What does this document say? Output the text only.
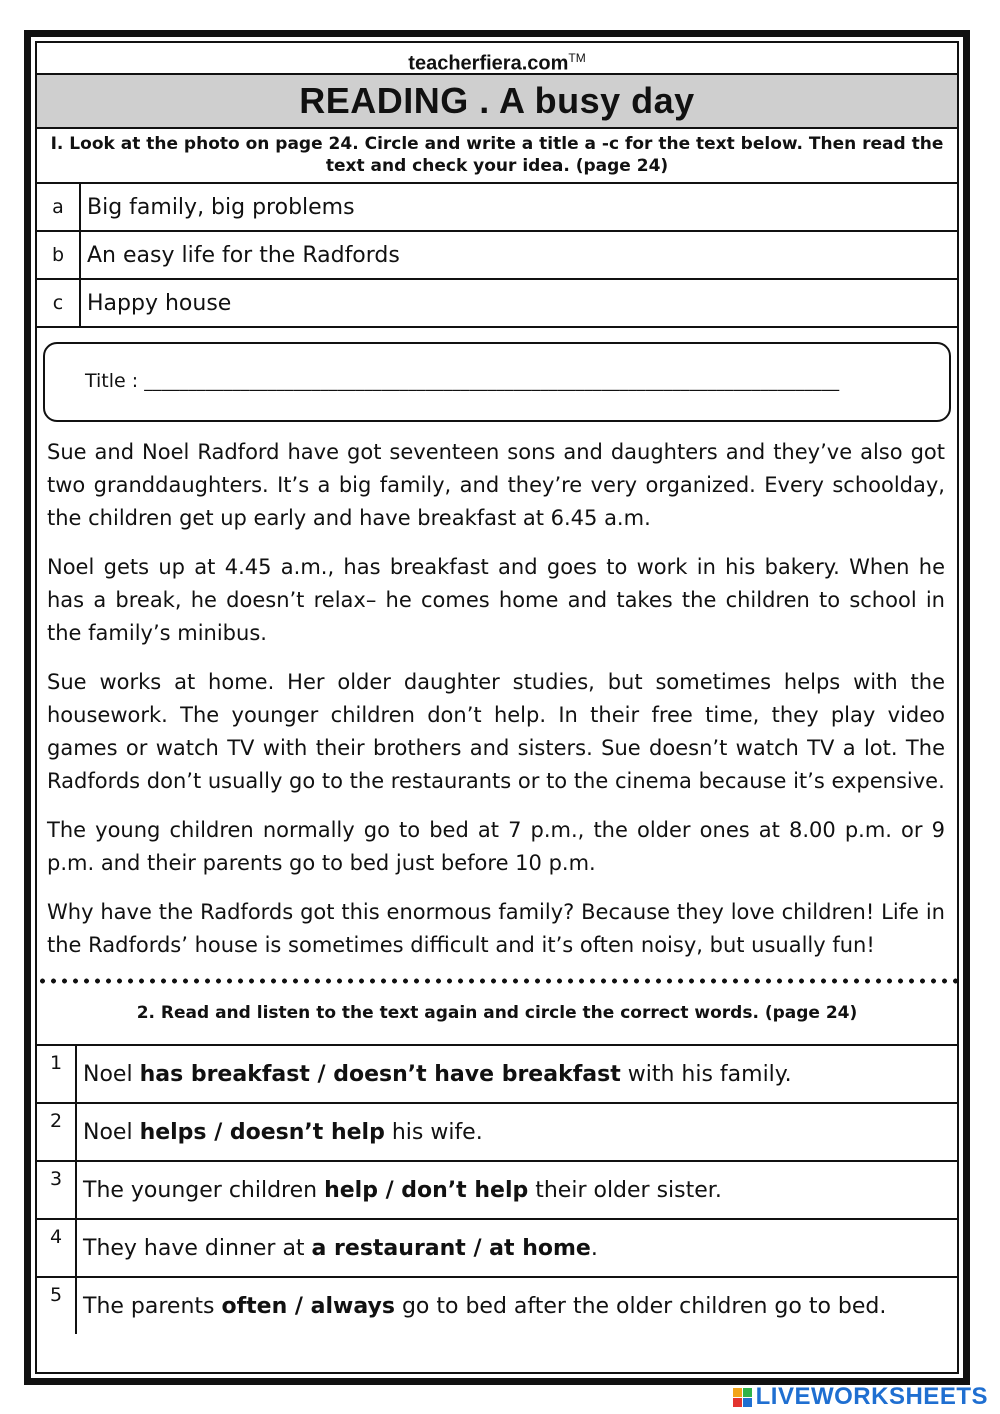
teacherfiera.com™
READING . A busy day
I. Look at the photo on page 24. Circle and write a title a -c for the text below. Then read the text and check your idea. (page 24)
a	Big family, big problems
b	An easy life for the Radfords
c	Happy house
Title : _______________________________________________________________________________

Sue and Noel Radford have got seventeen sons and daughters and they’ve also got two granddaughters. It’s a big family, and they’re very organized. Every schoolday, the children get up early and have breakfast at 6.45 a.m.

Noel gets up at 4.45 a.m., has breakfast and goes to work in his bakery. When he has a break, he doesn’t relax– he comes home and takes the children to school in the family’s minibus.

Sue works at home. Her older daughter studies, but sometimes helps with the housework. The younger children don’t help. In their free time, they play video games or watch TV with their brothers and sisters. Sue doesn’t watch TV a lot. The Radfords don’t usually go to the restaurants or to the cinema because it’s expensive.

The young children normally go to bed at 7 p.m., the older ones at 8.00 p.m. or 9 p.m. and their parents go to bed just before 10 p.m.

Why have the Radfords got this enormous family? Because they love children! Life in the Radfords’ house is sometimes difficult and it’s often noisy, but usually fun!

2. Read and listen to the text again and circle the correct words. (page 24)
1	Noel has breakfast / doesn’t have breakfast with his family.
2	Noel helps / doesn’t help his wife.
3	The younger children help / don’t help their older sister.
4	They have dinner at a restaurant / at home.
5	The parents often / always go to bed after the older children go to bed.
LIVEWORKSHEETS
